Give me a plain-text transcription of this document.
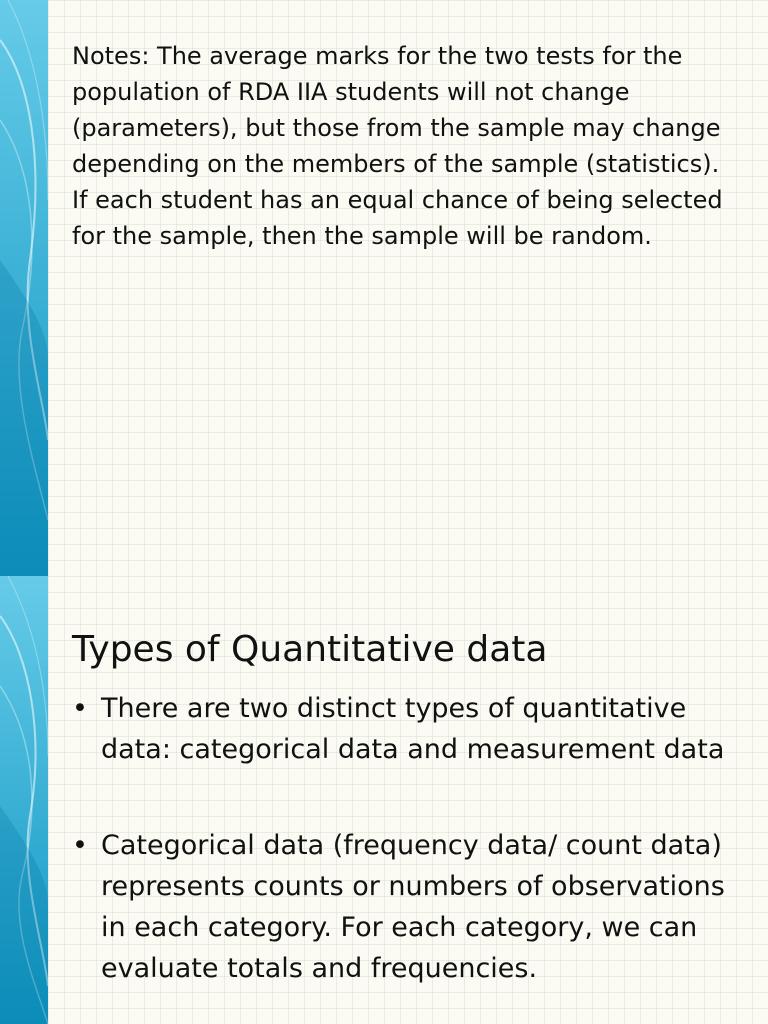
Notes: The average marks for the two tests for the population of RDA IIA students will not change (parameters), but those from the sample may change depending on the members of the sample (statistics). If each student has an equal chance of being selected for the sample, then the sample will be random.

Types of Quantitative data
• There are two distinct types of quantitative data: categorical data and measurement data
• Categorical data (frequency data/ count data) represents counts or numbers of observations in each category. For each category, we can evaluate totals and frequencies.
